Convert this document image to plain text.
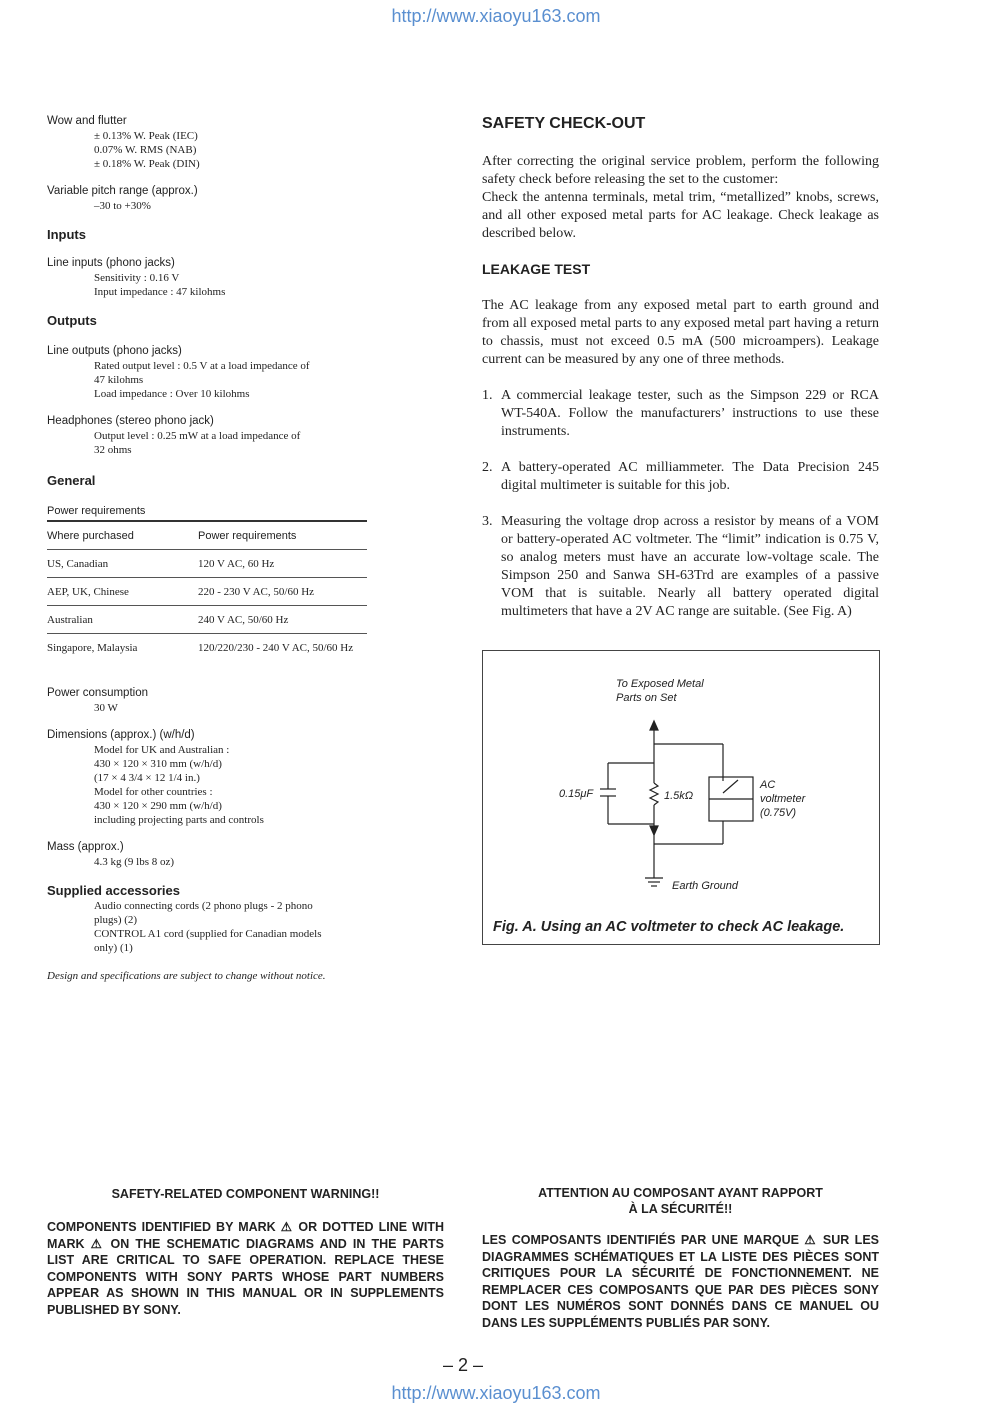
http://www.xiaoyu163.com
http://www.xiaoyu163.com
– 2 –
Wow and flutter
± 0.13% W. Peak (IEC)
0.07% W. RMS (NAB)
± 0.18% W. Peak (DIN)
Variable pitch range (approx.)
–30 to +30%
Inputs
Line inputs (phono jacks)
Sensitivity : 0.16 V
Input impedance : 47 kilohms
Outputs
Line outputs (phono jacks)
Rated output level : 0.5 V at a load impedance of
47 kilohms
Load impedance : Over 10 kilohms
Headphones (stereo phono jack)
Output level : 0.25 mW at a load impedance of
32 ohms
General
Power requirements
Where purchased	Power requirements
US, Canadian	120 V AC, 60 Hz
AEP, UK, Chinese	220 - 230 V AC, 50/60 Hz
Australian	240 V AC, 50/60 Hz
Singapore, Malaysia	120/220/230 - 240 V AC, 50/60 Hz
Power consumption
30 W
Dimensions (approx.) (w/h/d)
Model for UK and Australian :
430 × 120 × 310 mm (w/h/d)
(17 × 4 3/4 × 12 1/4 in.)
Model for other countries :
430 × 120 × 290 mm (w/h/d)
including projecting parts and controls
Mass (approx.)
4.3 kg (9 lbs 8 oz)
Supplied accessories
Audio connecting cords (2 phono plugs - 2 phono
plugs) (2)
CONTROL A1 cord (supplied for Canadian models
only) (1)
Design and specifications are subject to change without notice.
SAFETY CHECK-OUT
After correcting the original service problem, perform the following safety check before releasing the set to the customer:
Check the antenna terminals, metal trim, “metallized” knobs, screws, and all other exposed metal parts for AC leakage. Check leakage as described below.
LEAKAGE TEST
The AC leakage from any exposed metal part to earth ground and from all exposed metal parts to any exposed metal part having a return to chassis, must not exceed 0.5 mA (500 microampers). Leakage current can be measured by any one of three methods.
1. A commercial leakage tester, such as the Simpson 229 or RCA WT-540A. Follow the manufacturers’ instructions to use these instruments.
2. A battery-operated AC milliammeter. The Data Precision 245 digital multimeter is suitable for this job.
3. Measuring the voltage drop across a resistor by means of a VOM or battery-operated AC voltmeter. The “limit” indication is 0.75 V, so analog meters must have an accurate low-voltage scale. The Simpson 250 and Sanwa SH-63Trd are examples of a passive VOM that is suitable. Nearly all battery operated digital multimeters that have a 2V AC range are suitable. (See Fig. A)
To Exposed Metal
Parts on Set
0.15μF	1.5kΩ
AC
voltmeter
(0.75V)
Earth Ground
Fig. A. Using an AC voltmeter to check AC leakage.
SAFETY-RELATED COMPONENT WARNING!!
COMPONENTS IDENTIFIED BY MARK ⚠ OR DOTTED LINE WITH MARK ⚠ ON THE SCHEMATIC DIAGRAMS AND IN THE PARTS LIST ARE CRITICAL TO SAFE OPERATION. REPLACE THESE COMPONENTS WITH SONY PARTS WHOSE PART NUMBERS APPEAR AS SHOWN IN THIS MANUAL OR IN SUPPLEMENTS PUBLISHED BY SONY.
ATTENTION AU COMPOSANT AYANT RAPPORT
À LA SÉCURITÉ!!
LES COMPOSANTS IDENTIFIÉS PAR UNE MARQUE ⚠ SUR LES DIAGRAMMES SCHÉMATIQUES ET LA LISTE DES PIÈCES SONT CRITIQUES POUR LA SÉCURITÉ DE FONCTIONNEMENT. NE REMPLACER CES COMPOSANTS QUE PAR DES PIÈCES SONY DONT LES NUMÉROS SONT DONNÉS DANS CE MANUEL OU DANS LES SUPPLÉMENTS PUBLIÉS PAR SONY.
